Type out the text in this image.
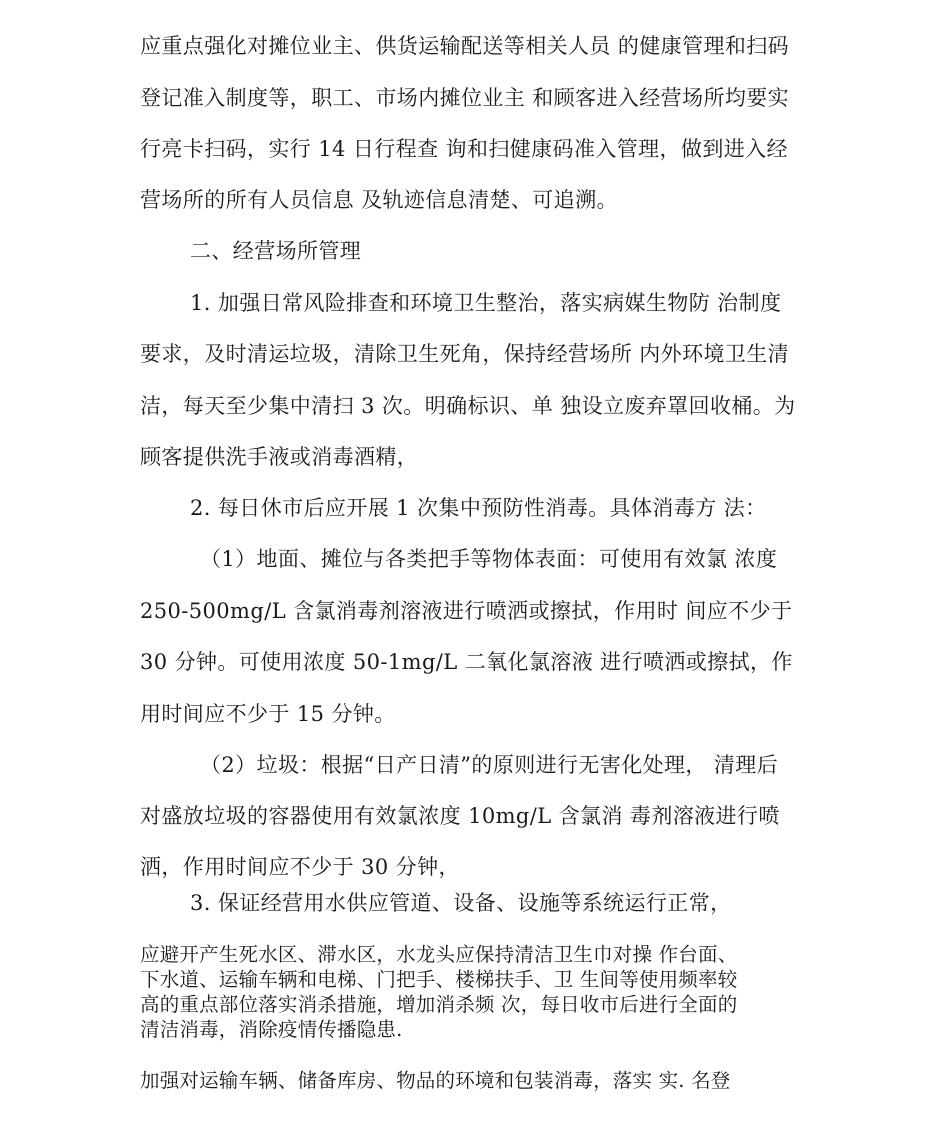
应重点强化对摊位业主、供货运输配送等相关人员 的健康管理和扫码
登记准入制度等，职工、市场内摊位业主 和顾客进入经营场所均要实
行亮卡扫码，实行 14 日行程查 询和扫健康码准入管理，做到进入经
营场所的所有人员信息 及轨迹信息清楚、可追溯。
二、经营场所管理
1. 加强日常风险排查和环境卫生整治，落实病媒生物防 治制度
要求，及时清运垃圾，清除卫生死角，保持经营场所 内外环境卫生清
洁，每天至少集中清扫 3 次。明确标识、单 独设立废弃罩回收桶。为
顾客提供洗手液或消毒酒精，
2. 每日休市后应开展 1 次集中预防性消毒。具体消毒方 法：
（1）地面、摊位与各类把手等物体表面：可使用有效氯 浓度
250-500mg/L 含氯消毒剂溶液进行喷洒或擦拭，作用时 间应不少于
30 分钟。可使用浓度 50-1mg/L 二氧化氯溶液 进行喷洒或擦拭，作
用时间应不少于 15 分钟。
（2）垃圾：根据“日产日清”的原则进行无害化处理， 清理后
对盛放垃圾的容器使用有效氯浓度 10mg/L 含氯消 毒剂溶液进行喷
洒，作用时间应不少于 30 分钟，
3. 保证经营用水供应管道、设备、设施等系统运行正常，
应避开产生死水区、滞水区，水龙头应保持清洁卫生巾对操 作台面、
下水道、运输车辆和电梯、门把手、楼梯扶手、卫 生间等使用频率较
高的重点部位落实消杀措施，增加消杀频 次，每日收市后进行全面的
清洁消毒，消除疫情传播隐患.
加强对运输车辆、储备库房、物品的环境和包装消毒，落实 实. 名登
